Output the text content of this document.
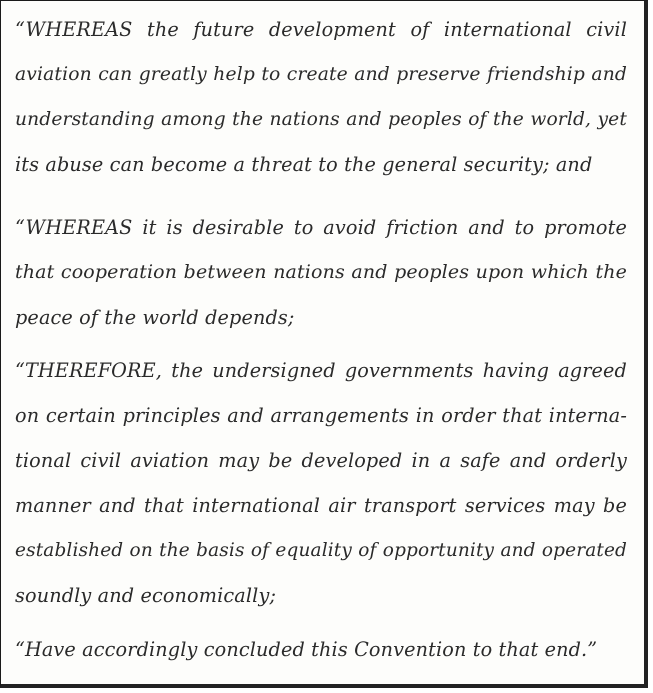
“WHEREAS the future development of international civil
aviation can greatly help to create and preserve friendship and
understanding among the nations and peoples of the world, yet
its abuse can become a threat to the general security; and
“WHEREAS it is desirable to avoid friction and to promote
that cooperation between nations and peoples upon which the
peace of the world depends;
“THEREFORE, the undersigned governments having agreed
on certain principles and arrangements in order that interna-
tional civil aviation may be developed in a safe and orderly
manner and that international air transport services may be
established on the basis of equality of opportunity and operated
soundly and economically;
“Have accordingly concluded this Convention to that end.”
